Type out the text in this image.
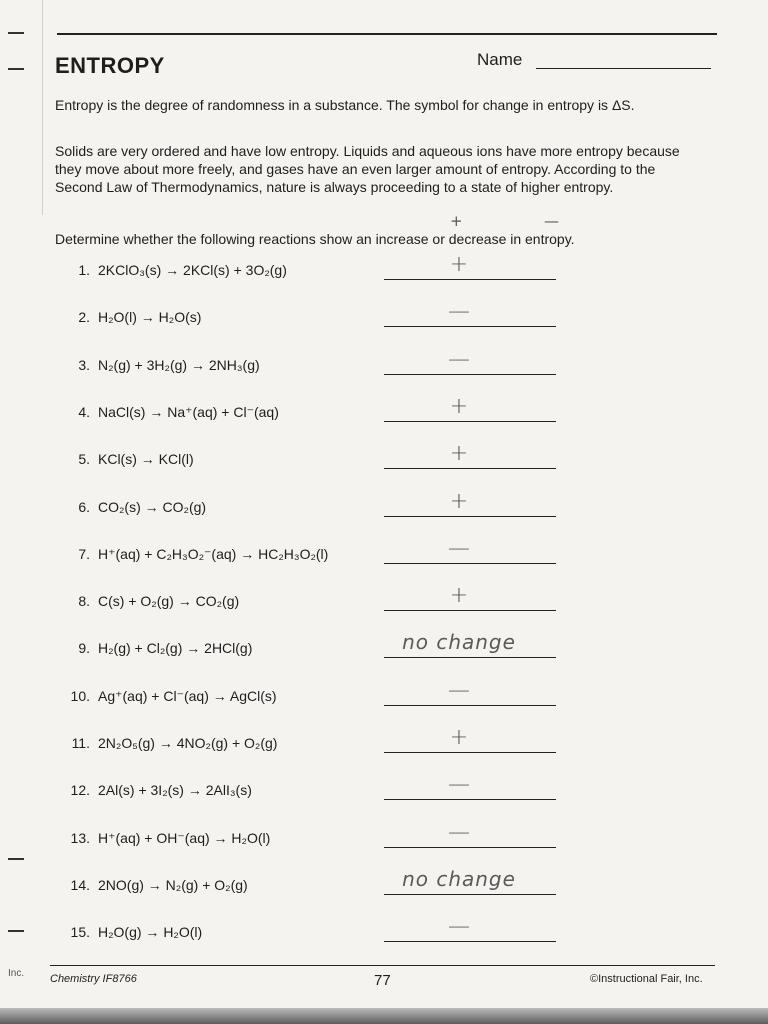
ENTROPY	Name
Entropy is the degree of randomness in a substance. The symbol for change in entropy is ΔS.
Solids are very ordered and have low entropy. Liquids and aqueous ions have more entropy because they move about more freely, and gases have an even larger amount of entropy. According to the Second Law of Thermodynamics, nature is always proceeding to a state of higher entropy.
+	—
Determine whether the following reactions show an increase or decrease in entropy.
1. 2KClO₃(s) → 2KCl(s) + 3O₂(g)	+
2. H₂O(l) → H₂O(s)	—
3. N₂(g) + 3H₂(g) → 2NH₃(g)	—
4. NaCl(s) → Na⁺(aq) + Cl⁻(aq)	+
5. KCl(s) → KCl(l)	+
6. CO₂(s) → CO₂(g)	+
7. H⁺(aq) + C₂H₃O₂⁻(aq) → HC₂H₃O₂(l)	—
8. C(s) + O₂(g) → CO₂(g)	+
9. H₂(g) + Cl₂(g) → 2HCl(g)	no change
10. Ag⁺(aq) + Cl⁻(aq) → AgCl(s)	—
11. 2N₂O₅(g) → 4NO₂(g) + O₂(g)	+
12. 2Al(s) + 3I₂(s) → 2AlI₃(s)	—
13. H⁺(aq) + OH⁻(aq) → H₂O(l)	—
14. 2NO(g) → N₂(g) + O₂(g)	no change
15. H₂O(g) → H₂O(l)	—
Inc. Chemistry IF8766	77	©Instructional Fair, Inc.
